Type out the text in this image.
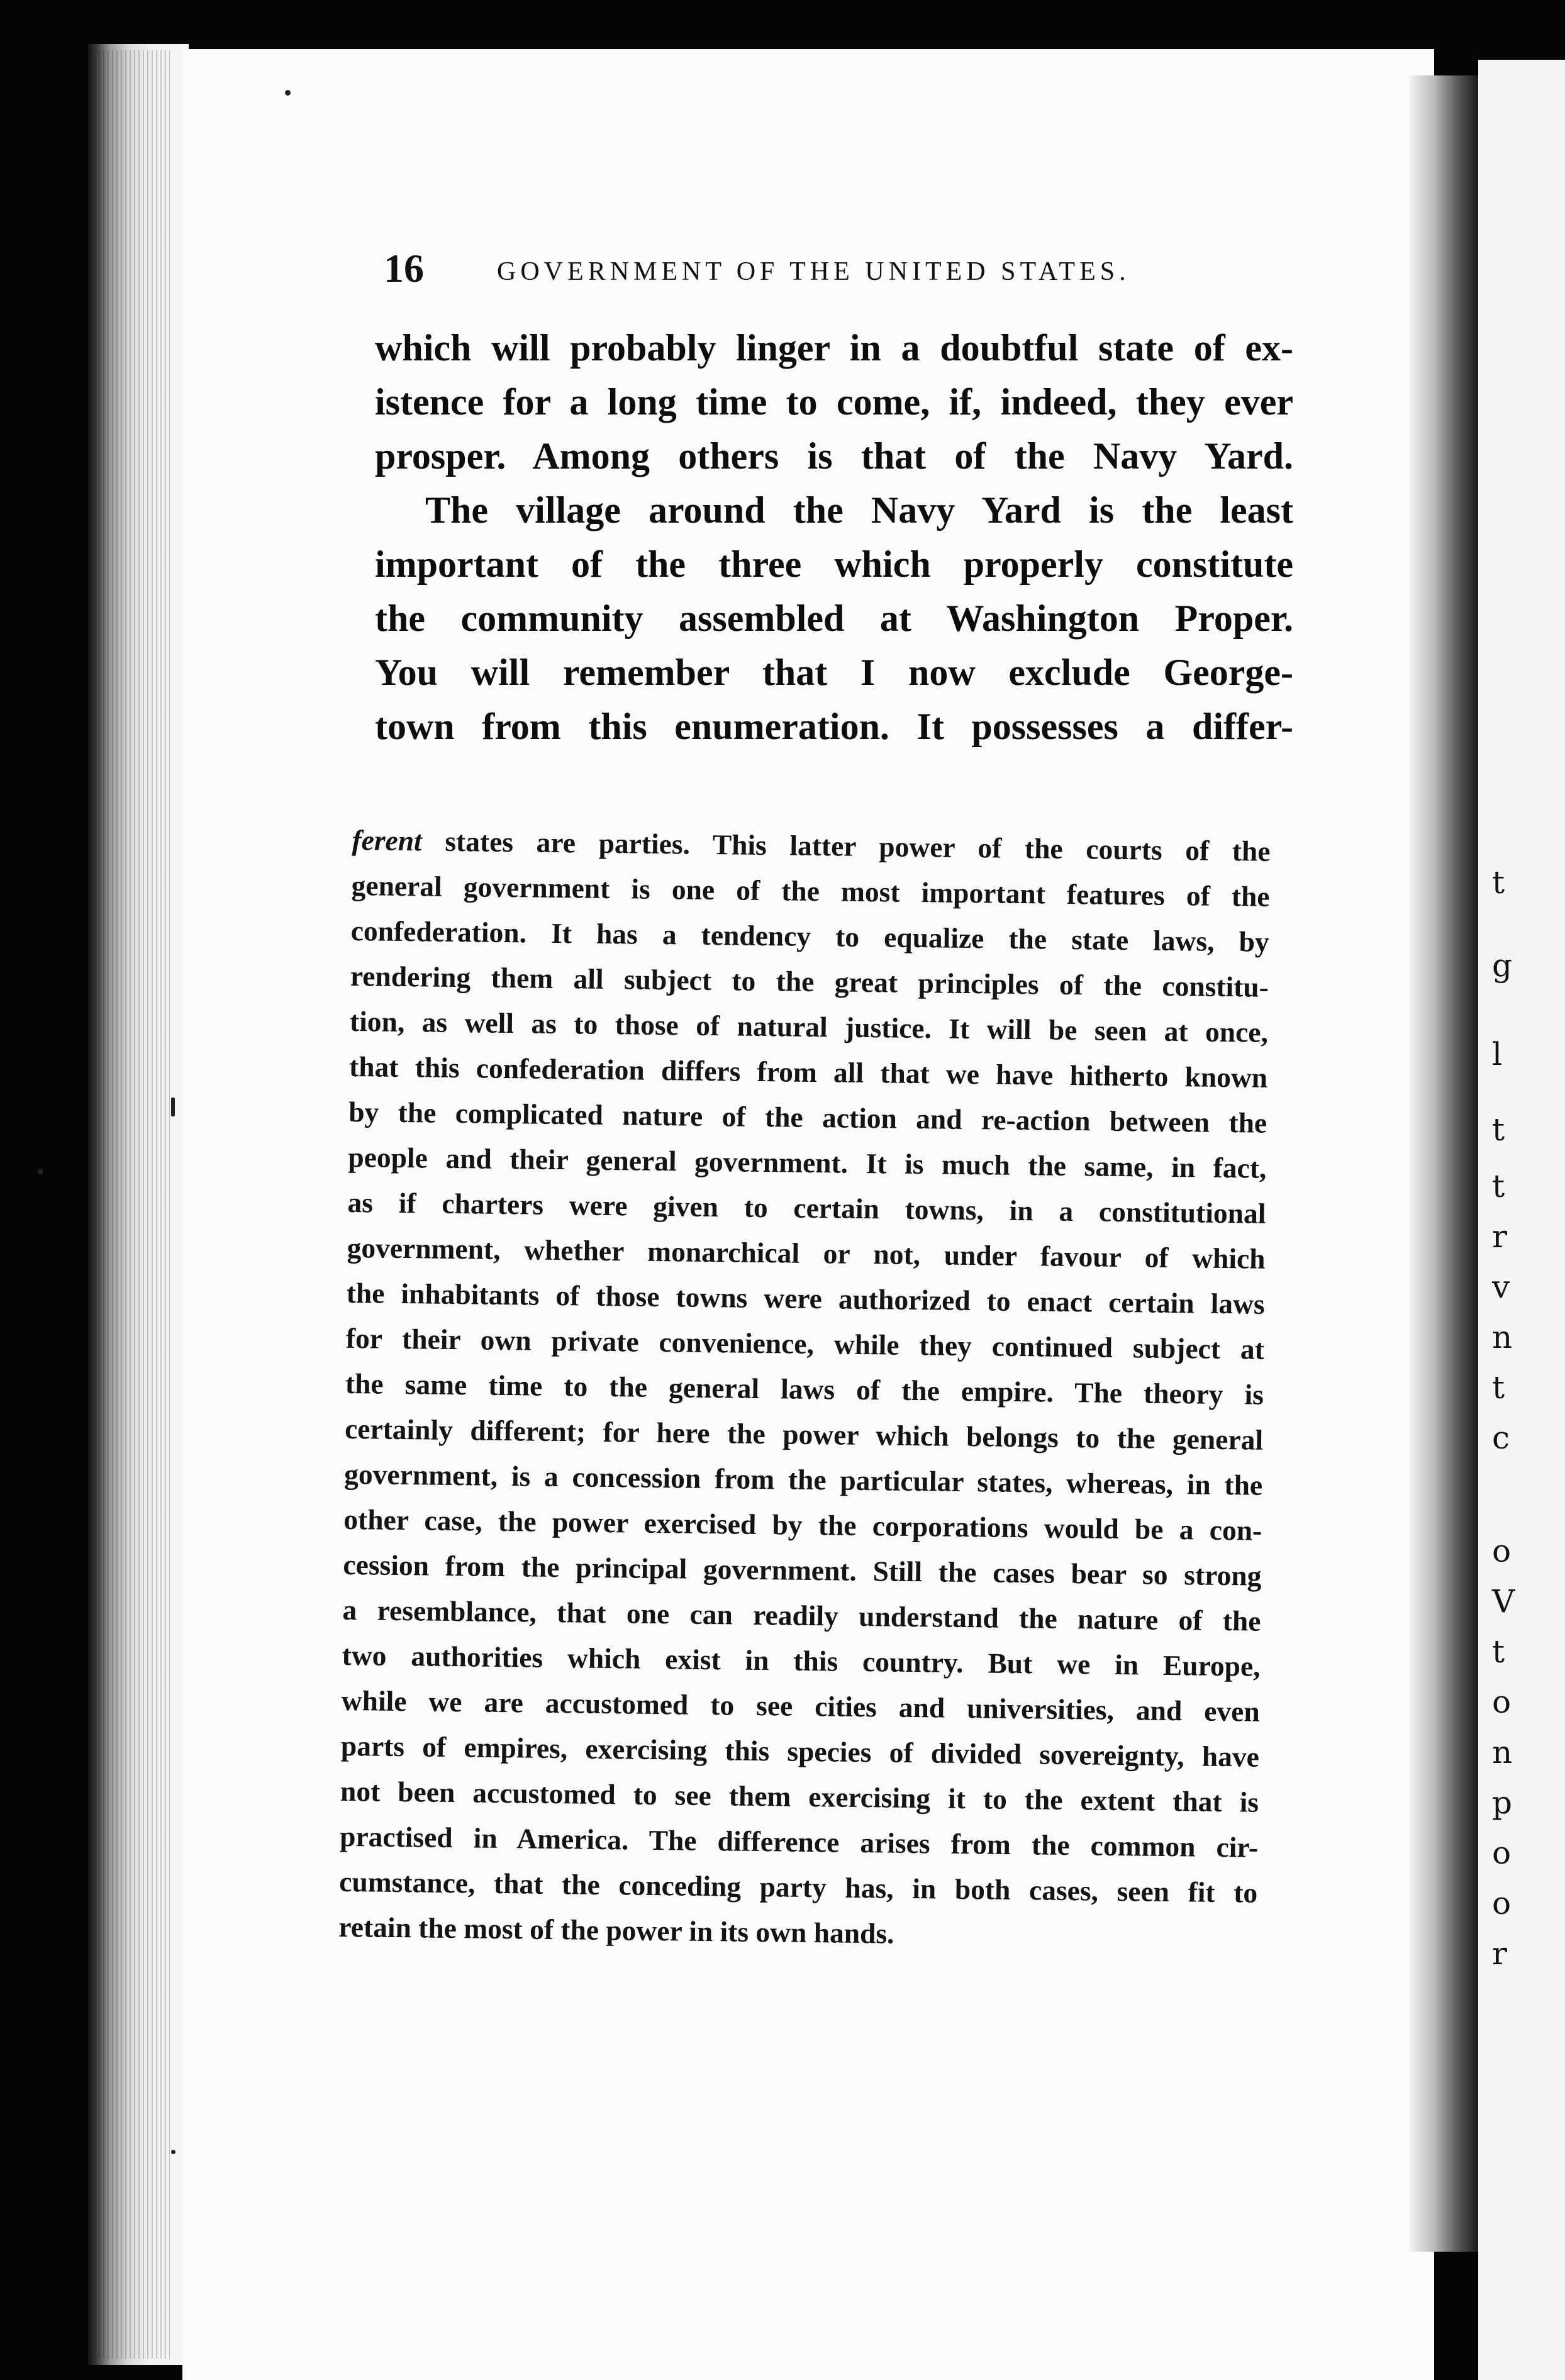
t
g
l
t
t
r
v
n
t
c
o
V
t
o
n
p
o
o
r
16	GOVERNMENT OF THE UNITED STATES.
which will probably linger in a doubtful state of ex-
istence for a long time to come, if, indeed, they ever
prosper. Among others is that of the Navy Yard.
The village around the Navy Yard is the least
important of the three which properly constitute
the community assembled at Washington Proper.
You will remember that I now exclude George-
town from this enumeration. It possesses a differ-
ferent states are parties. This latter power of the courts of the
general government is one of the most important features of the
confederation. It has a tendency to equalize the state laws, by
rendering them all subject to the great principles of the constitu-
tion, as well as to those of natural justice. It will be seen at once,
that this confederation differs from all that we have hitherto known
by the complicated nature of the action and re-action between the
people and their general government. It is much the same, in fact,
as if charters were given to certain towns, in a constitutional
government, whether monarchical or not, under favour of which
the inhabitants of those towns were authorized to enact certain laws
for their own private convenience, while they continued subject at
the same time to the general laws of the empire. The theory is
certainly different; for here the power which belongs to the general
government, is a concession from the particular states, whereas, in the
other case, the power exercised by the corporations would be a con-
cession from the principal government. Still the cases bear so strong
a resemblance, that one can readily understand the nature of the
two authorities which exist in this country. But we in Europe,
while we are accustomed to see cities and universities, and even
parts of empires, exercising this species of divided sovereignty, have
not been accustomed to see them exercising it to the extent that is
practised in America. The difference arises from the common cir-
cumstance, that the conceding party has, in both cases, seen fit to
retain the most of the power in its own hands.
